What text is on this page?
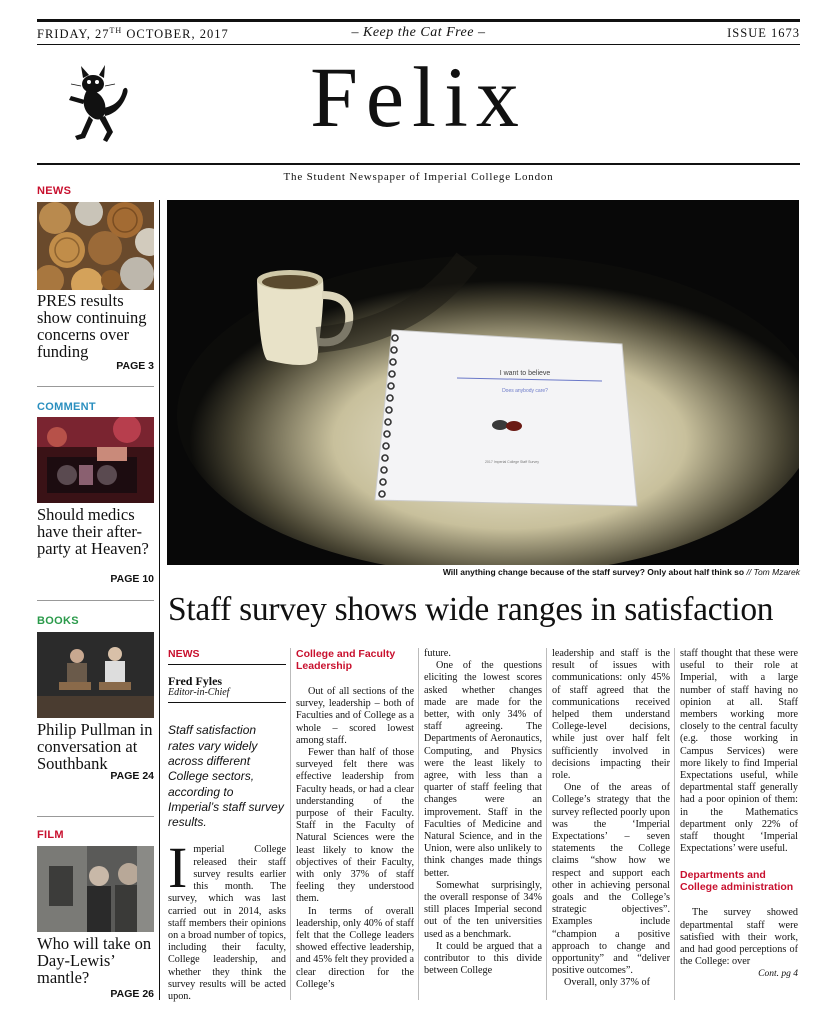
FRIDAY, 27TH OCTOBER, 2017	– Keep the Cat Free –	ISSUE 1673
Felix
The Student Newspaper of Imperial College London
NEWS
PRES results show continuing concerns over funding
PAGE 3
COMMENT
Should medics have their after-party at Heaven?
PAGE 10
BOOKS
Philip Pullman in conversation at Southbank
PAGE 24
FILM
Who will take on Day-Lewis’ mantle?
PAGE 26
I want to believe
Does anybody care?
2017 Imperial College Staff Survey
Will anything change because of the staff survey? Only about half think so // Tom Mzarek
Staff survey shows wide ranges in satisfaction
NEWS
Fred Fyles
Editor-in-Chief
Staff satisfaction rates vary widely across different College sectors, according to Imperial’s staff survey results.
I mperial College released their staff survey results earlier this month. The survey, which was last carried out in 2014, asks staff members their opinions on a broad number of topics, including their faculty, College leadership, and whether they think the survey results will be acted upon.

College and Faculty Leadership

Out of all sections of the survey, leadership – both of Faculties and of College as a whole – scored lowest among staff.

Fewer than half of those surveyed felt there was effective leadership from Faculty heads, or had a clear understanding of the purpose of their Faculty. Staff in the Faculty of Natural Sciences were the least likely to know the objectives of their Faculty, with only 37% of staff feeling they understood them.

In terms of overall leadership, only 40% of staff felt that the College leaders showed effective leadership, and 45% felt they provided a clear direction for the College’s

future.

One of the questions eliciting the lowest scores asked whether changes made are made for the better, with only 34% of staff agreeing. The Departments of Aeronautics, Computing, and Physics were the least likely to agree, with less than a quarter of staff feeling that changes were an improvement. Staff in the Faculties of Medicine and Natural Science, and in the Union, were also unlikely to think changes made things better.

Somewhat surprisingly, the overall response of 34% still places Imperial second out of the ten universities used as a benchmark.

It could be argued that a contributor to this divide between College

leadership and staff is the result of issues with communications: only 45% of staff agreed that the communications received helped them understand College-level decisions, while just over half felt sufficiently involved in decisions impacting their role.

One of the areas of College’s strategy that the survey reflected poorly upon was the ‘Imperial Expectations’ – seven statements the College claims “show how we respect and support each other in achieving personal goals and the College’s strategic objectives”. Examples include “champion a positive approach to change and opportunity” and “deliver positive outcomes”.

Overall, only 37% of

staff thought that these were useful to their role at Imperial, with a large number of staff having no opinion at all. Staff members working more closely to the central faculty (e.g. those working in Campus Services) were more likely to find Imperial Expectations useful, while departmental staff generally had a poor opinion of them: in the Mathematics department only 22% of staff thought ‘Imperial Expectations’ were useful.

Departments and College administration

The survey showed departmental staff were satisfied with their work, and had good perceptions of the College: over

Cont. pg 4
